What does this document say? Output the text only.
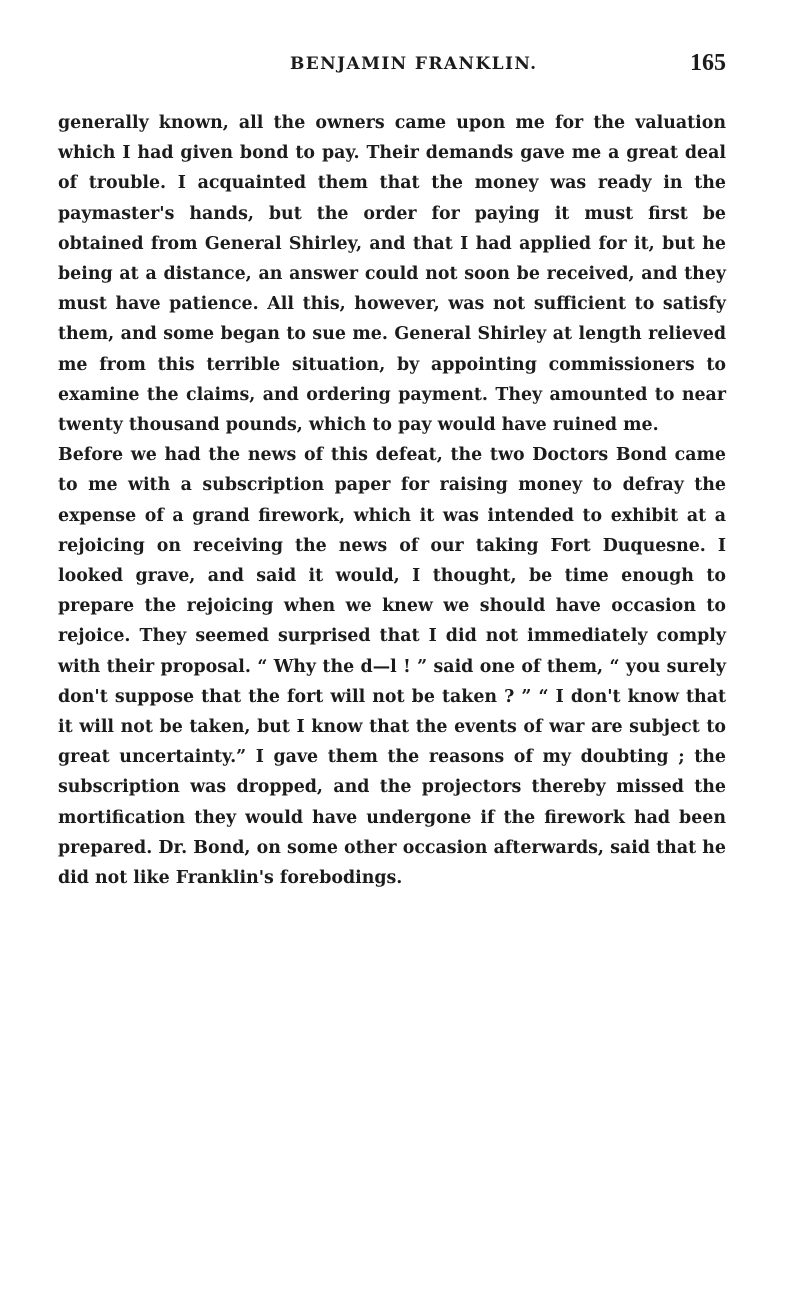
BENJAMIN FRANKLIN.	165

generally known, all the owners came upon me for the valuation which I had given bond to pay. Their demands gave me a great deal of trouble. I acquainted them that the money was ready in the paymaster's hands, but the order for paying it must first be obtained from General Shirley, and that I had applied for it, but he being at a distance, an answer could not soon be received, and they must have patience. All this, however, was not sufficient to satisfy them, and some began to sue me. General Shirley at length relieved me from this terrible situation, by appointing commissioners to examine the claims, and ordering payment. They amounted to near twenty thousand pounds, which to pay would have ruined me.

Before we had the news of this defeat, the two Doctors Bond came to me with a subscription paper for raising money to defray the expense of a grand firework, which it was intended to exhibit at a rejoicing on receiving the news of our taking Fort Duquesne. I looked grave, and said it would, I thought, be time enough to prepare the rejoicing when we knew we should have occasion to rejoice. They seemed surprised that I did not immediately comply with their proposal. “ Why the d—l ! ” said one of them, “ you surely don't suppose that the fort will not be taken ? ” “ I don't know that it will not be taken, but I know that the events of war are subject to great uncertainty.” I gave them the reasons of my doubting ; the subscription was dropped, and the projectors thereby missed the mortification they would have undergone if the firework had been prepared. Dr. Bond, on some other occasion afterwards, said that he did not like Franklin's forebodings.
